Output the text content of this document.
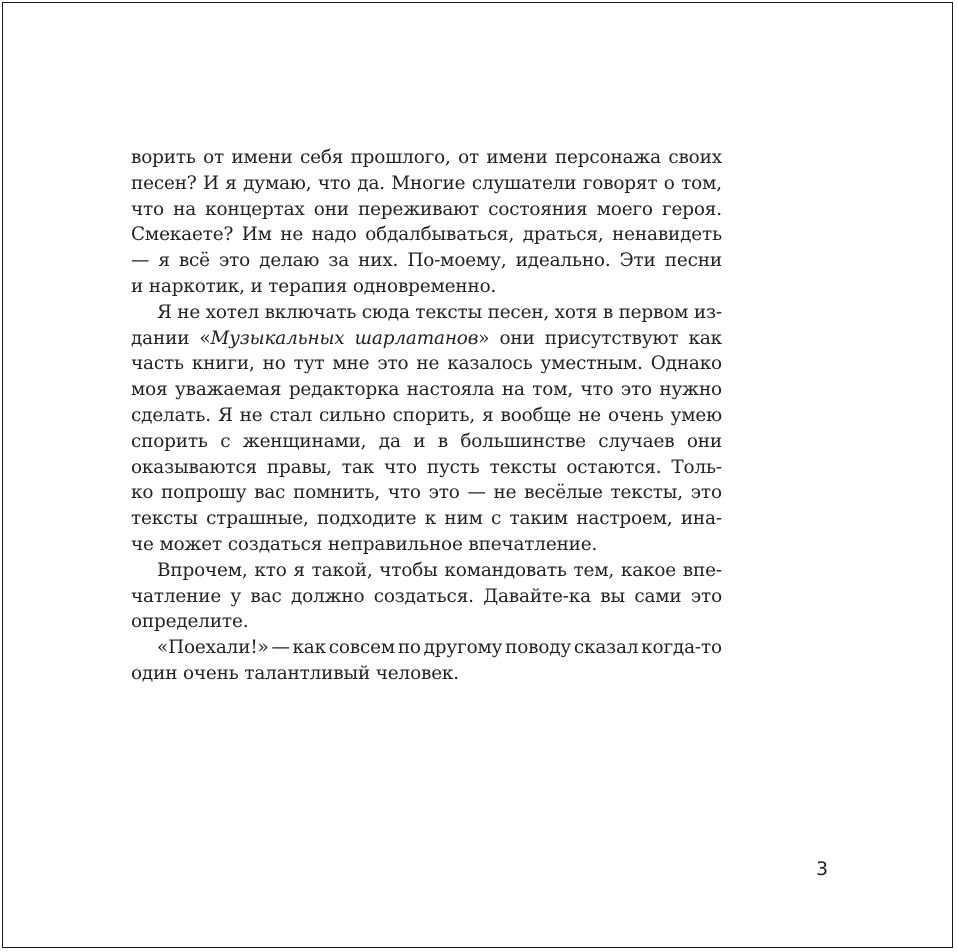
ворить от имени себя прошлого, от имени персонажа своих
песен? И я думаю, что да. Многие слушатели говорят о том,
что на концертах они переживают состояния моего героя.
Смекаете? Им не надо обдалбываться, драться, ненавидеть
— я всё это делаю за них. По-моему, идеально. Эти песни
и наркотик, и терапия одновременно.
Я не хотел включать сюда тексты песен, хотя в первом из-
дании «Музыкальных шарлатанов» они присутствуют как
часть книги, но тут мне это не казалось уместным. Однако
моя уважаемая редакторка настояла на том, что это нужно
сделать. Я не стал сильно спорить, я вообще не очень умею
спорить с женщинами, да и в большинстве случаев они
оказываются правы, так что пусть тексты остаются. Толь-
ко попрошу вас помнить, что это — не весёлые тексты, это
тексты страшные, подходите к ним с таким настроем, ина-
че может создаться неправильное впечатление.
Впрочем, кто я такой, чтобы командовать тем, какое впе-
чатление у вас должно создаться. Давайте-ка вы сами это
определите.
«Поехали!» — как совсем по другому поводу сказал когда-то
один очень талантливый человек.
3
